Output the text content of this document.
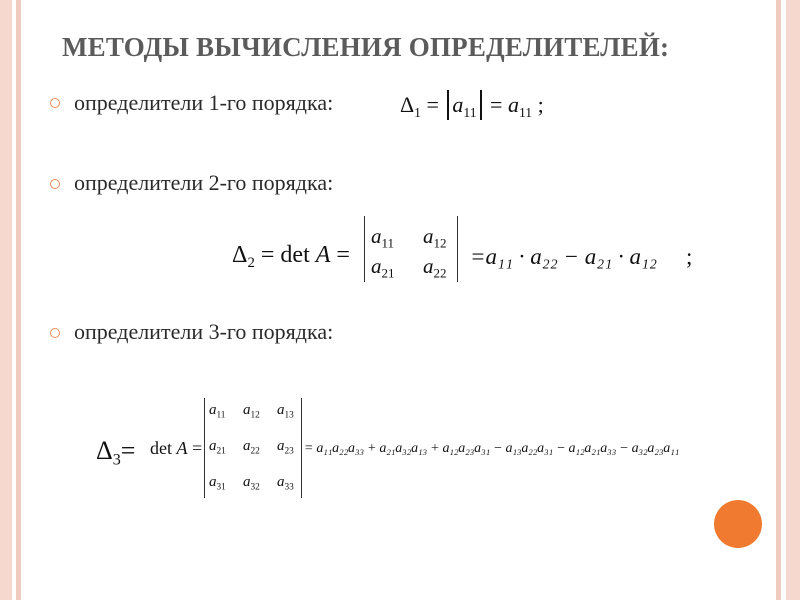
МЕТОДЫ ВЫЧИСЛЕНИЯ ОПРЕДЕЛИТЕЛЕЙ:
определители 1-го порядка:	$\Delta_1 = a_{11} = a_{11}$ ;
определители 2-го порядка:
$\Delta_2 = \det A$ =
$a_{11}$ $a_{12}$
$a_{21}$ $a_{22}$
=a₁₁ · a₂₂ − a₂₁ · a₁₂ ;
определители 3-го порядка:
$\Delta_3= \det A$ =
$a_{11}$ $a_{12}$ $a_{13}$
$a_{21}$ $a_{22}$ $a_{23}$
$a_{31}$ $a_{32}$ $a_{33}$
= a₁₁a₂₂a₃₃ + a₂₁a₃₂a₁₃ + a₁₂a₂₃a₃₁ − a₁₃a₂₂a₃₁ − a₁₂a₂₁a₃₃ − a₃₂a₂₃a₁₁
